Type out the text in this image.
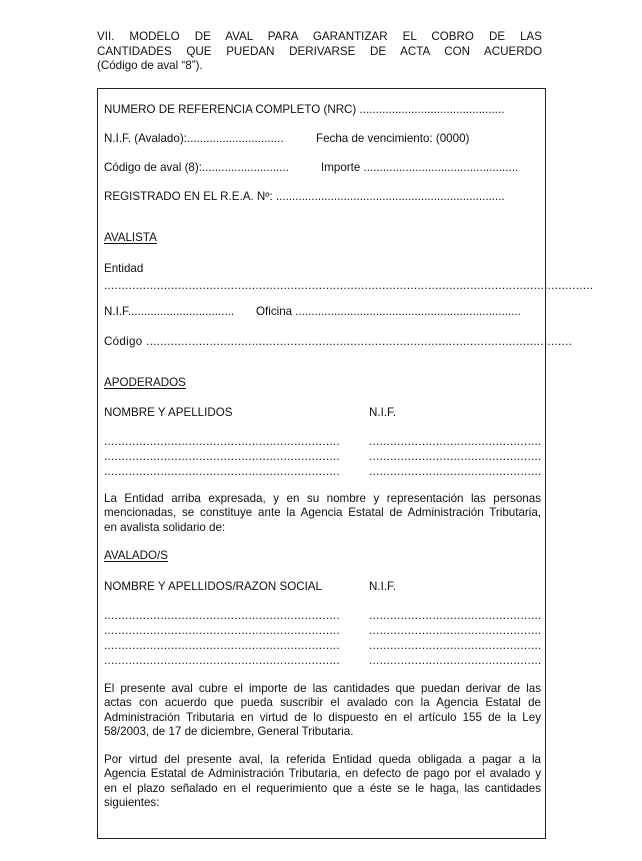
VII. MODELO DE AVAL PARA GARANTIZAR EL COBRO DE LAS
CANTIDADES QUE PUEDAN DERIVARSE DE ACTA CON ACUERDO
(Código de aval “8”).
NUMERO DE REFERENCIA COMPLETO (NRC) .............................................
N.I.F. (Avalado):..............................	Fecha de vencimiento: (0000)
Código de aval (8):...........................	Importe ................................................
REGISTRADO EN EL R.E.A. Nº: .......................................................................
AVALISTA
Entidad
...........................................................................................................................................
N.I.F................................. Oficina ......................................................................
Código .........................................................................................................................
APODERADOS
NOMBRE Y APELLIDOS	N.I.F.
...................................................................	.................................................
...................................................................	.................................................
...................................................................	.................................................
La Entidad arriba expresada, y en su nombre y representación las personas
mencionadas, se constituye ante la Agencia Estatal de Administración Tributaria,
en avalista solidario de:
AVALADO/S
NOMBRE Y APELLIDOS/RAZON SOCIAL	N.I.F.
...................................................................	.................................................
...................................................................	.................................................
...................................................................	.................................................
...................................................................	.................................................
El presente aval cubre el importe de las cantidades que puedan derivar de las
actas con acuerdo que pueda suscribir el avalado con la Agencia Estatal de
Administración Tributaria en virtud de lo dispuesto en el artículo 155 de la Ley
58/2003, de 17 de diciembre, General Tributaria.
Por virtud del presente aval, la referida Entidad queda obligada a pagar a la
Agencia Estatal de Administración Tributaria, en defecto de pago por el avalado y
en el plazo señalado en el requerimiento que a éste se le haga, las cantidades
siguientes:
